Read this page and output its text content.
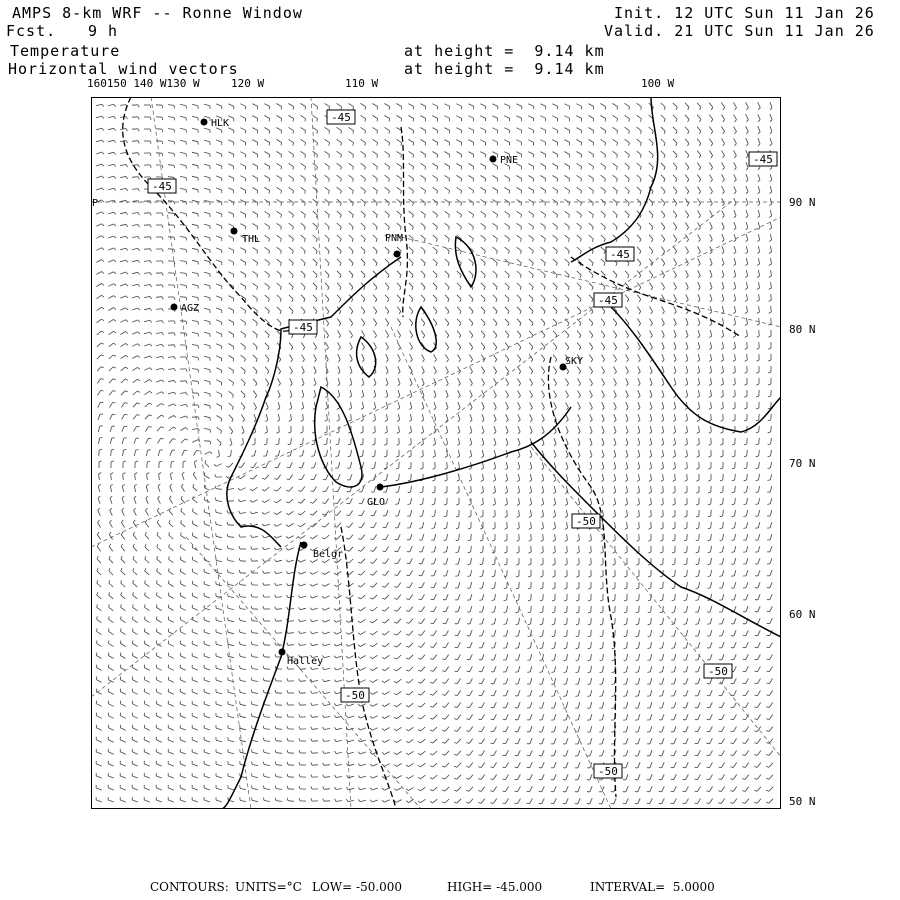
AMPS 8-km WRF -- Ronne Window
Fcst. 9 h
Init. 12 UTC Sun 11 Jan 26
Valid. 21 UTC Sun 11 Jan 26
Temperature
Horizontal wind vectors
at height =  9.14 km
at height =  9.14 km
160150 140 W130 W	120 W	110 W	100 W
90 N
80 N
70 N
60 N
50 N
HLK
PNE
THL	PNM
AGZ
SKY
GLO
Belgr
Halley
P
-45
-45
-45
-45
-45
-45
-50
-50
-50
-50
CONTOURS: UNITS=°C LOW= -50.000	HIGH= -45.000	INTERVAL=  5.0000
